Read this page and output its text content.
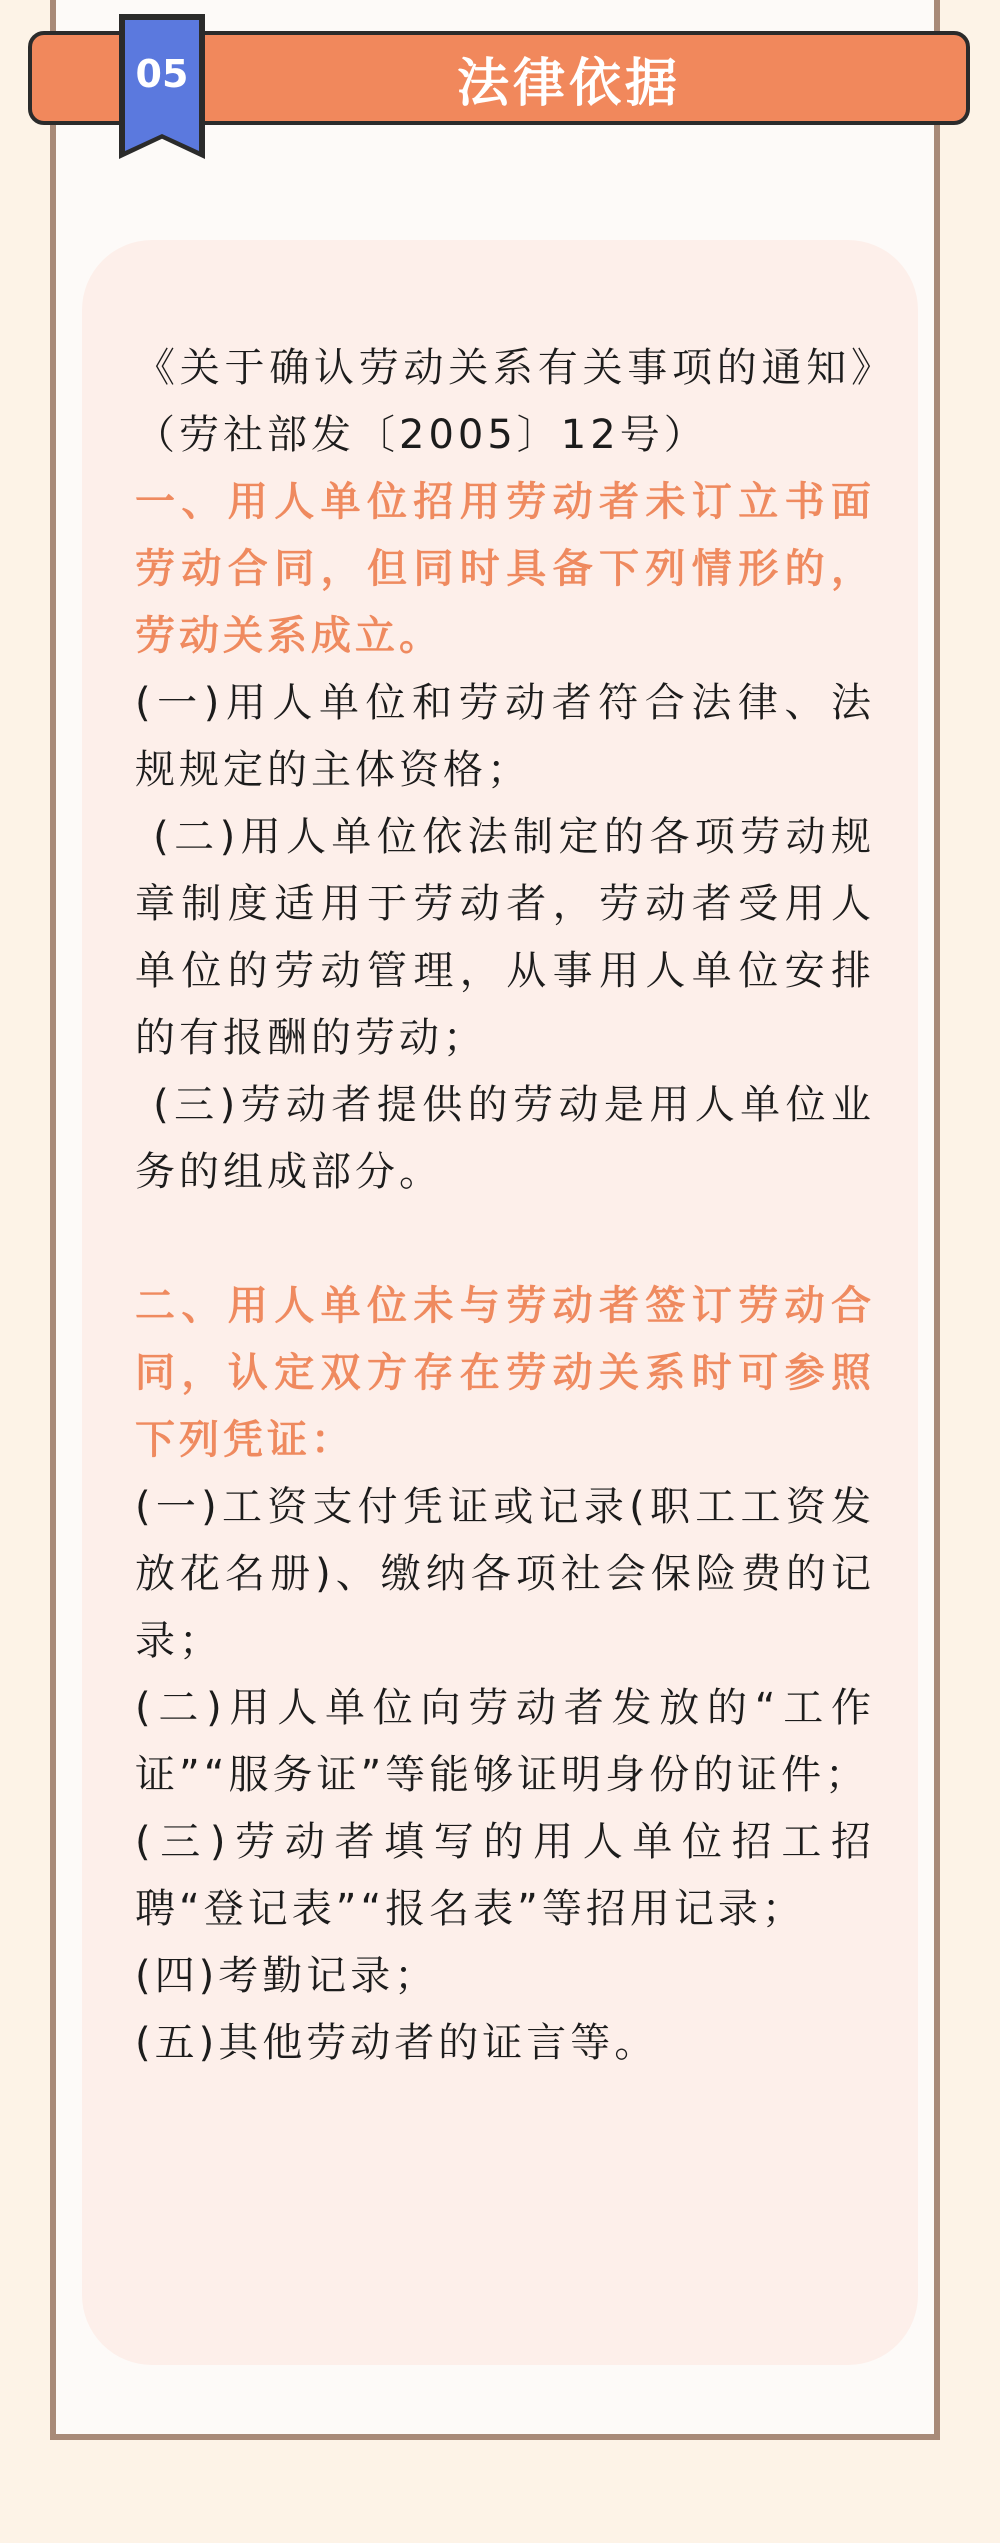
法律依据
05

《关于确认劳动关系有关事项的通知》（劳社部发〔2005〕12号）

一、用人单位招用劳动者未订立书面劳动合同，但同时具备下列情形的，劳动关系成立。

(一)用人单位和劳动者符合法律、法规规定的主体资格；

(二)用人单位依法制定的各项劳动规章制度适用于劳动者，劳动者受用人单位的劳动管理，从事用人单位安排的有报酬的劳动；

(三)劳动者提供的劳动是用人单位业务的组成部分。

二、用人单位未与劳动者签订劳动合同，认定双方存在劳动关系时可参照下列凭证：

(一)工资支付凭证或记录(职工工资发放花名册)、缴纳各项社会保险费的记录；

(二)用人单位向劳动者发放的“工作证”“服务证”等能够证明身份的证件；

(三)劳动者填写的用人单位招工招聘“登记表”“报名表”等招用记录；

(四)考勤记录；

(五)其他劳动者的证言等。
